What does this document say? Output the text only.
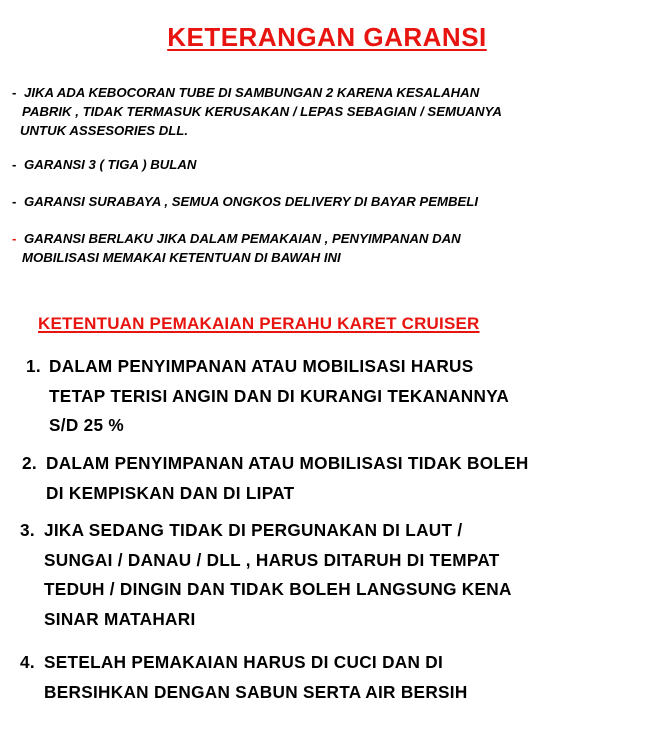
KETERANGAN GARANSI
-JIKA ADA KEBOCORAN TUBE DI SAMBUNGAN 2 KARENA KESALAHAN
PABRIK , TIDAK TERMASUK KERUSAKAN / LEPAS SEBAGIAN / SEMUANYA
UNTUK ASSESORIES DLL.
- GARANSI 3 ( TIGA ) BULAN
- GARANSI SURABAYA , SEMUA ONGKOS DELIVERY DI BAYAR PEMBELI
- GARANSI BERLAKU JIKA DALAM PEMAKAIAN , PENYIMPANAN DAN
MOBILISASI MEMAKAI KETENTUAN DI BAWAH INI
KETENTUAN PEMAKAIAN PERAHU KARET CRUISER
1. DALAM PENYIMPANAN ATAU MOBILISASI HARUS
TETAP TERISI ANGIN DAN DI KURANGI TEKANANNYA
S/D 25 %
2. DALAM PENYIMPANAN ATAU MOBILISASI TIDAK BOLEH
DI KEMPISKAN DAN DI LIPAT
3. JIKA SEDANG TIDAK DI PERGUNAKAN DI LAUT /
SUNGAI / DANAU / DLL , HARUS DITARUH DI TEMPAT
TEDUH / DINGIN DAN TIDAK BOLEH LANGSUNG KENA
SINAR MATAHARI
4. SETELAH PEMAKAIAN HARUS DI CUCI DAN DI
BERSIHKAN DENGAN SABUN SERTA AIR BERSIH
